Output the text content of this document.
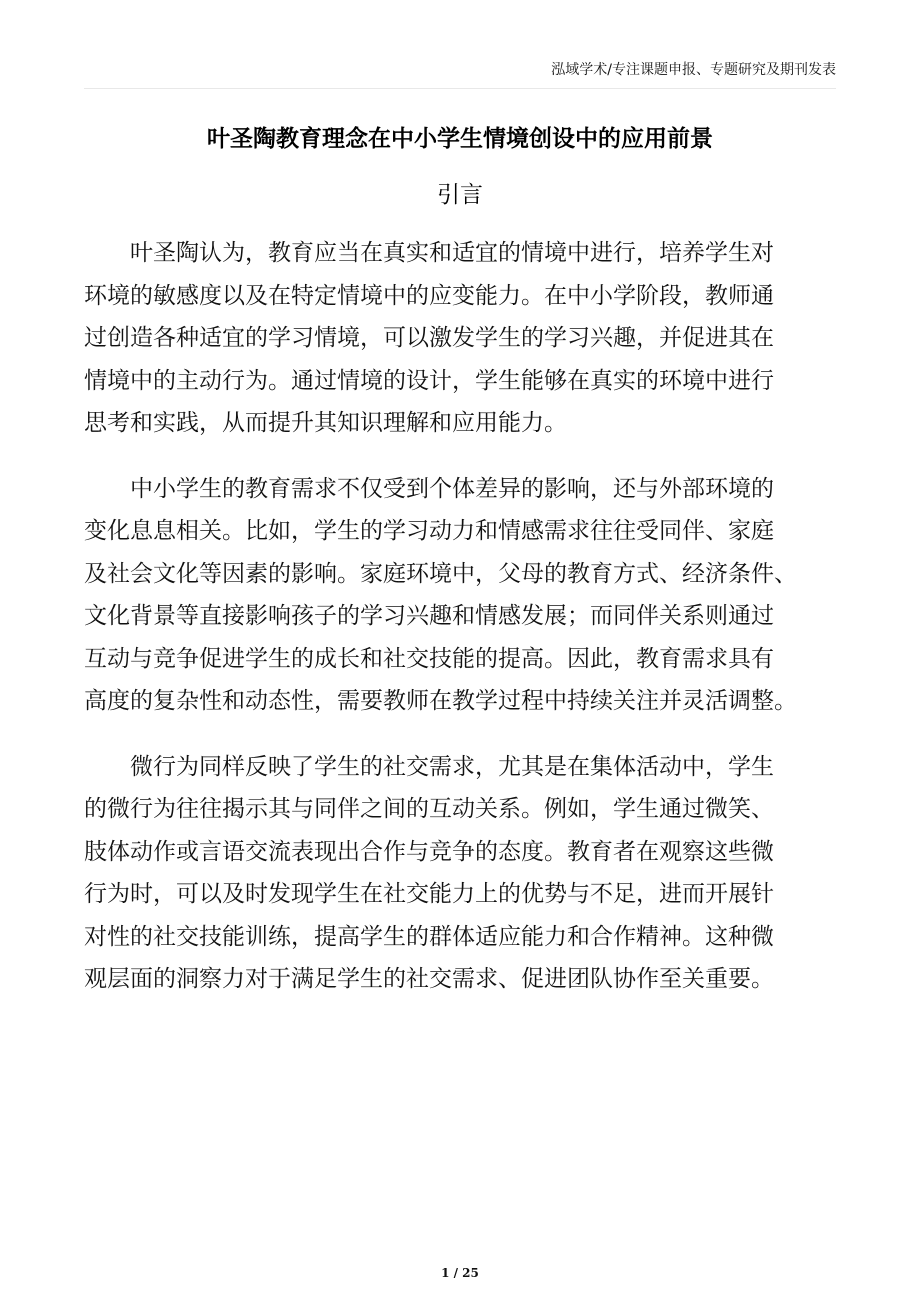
泓域学术/专注课题申报、专题研究及期刊发表
叶圣陶教育理念在中小学生情境创设中的应用前景
引言
叶圣陶认为，教育应当在真实和适宜的情境中进行，培养学生对
环境的敏感度以及在特定情境中的应变能力。在中小学阶段，教师通
过创造各种适宜的学习情境，可以激发学生的学习兴趣，并促进其在
情境中的主动行为。通过情境的设计，学生能够在真实的环境中进行
思考和实践，从而提升其知识理解和应用能力。
中小学生的教育需求不仅受到个体差异的影响，还与外部环境的
变化息息相关。比如，学生的学习动力和情感需求往往受同伴、家庭
及社会文化等因素的影响。家庭环境中，父母的教育方式、经济条件、
文化背景等直接影响孩子的学习兴趣和情感发展；而同伴关系则通过
互动与竞争促进学生的成长和社交技能的提高。因此，教育需求具有
高度的复杂性和动态性，需要教师在教学过程中持续关注并灵活调整。
微行为同样反映了学生的社交需求，尤其是在集体活动中，学生
的微行为往往揭示其与同伴之间的互动关系。例如，学生通过微笑、
肢体动作或言语交流表现出合作与竞争的态度。教育者在观察这些微
行为时，可以及时发现学生在社交能力上的优势与不足，进而开展针
对性的社交技能训练，提高学生的群体适应能力和合作精神。这种微
观层面的洞察力对于满足学生的社交需求、促进团队协作至关重要。
1 / 25
